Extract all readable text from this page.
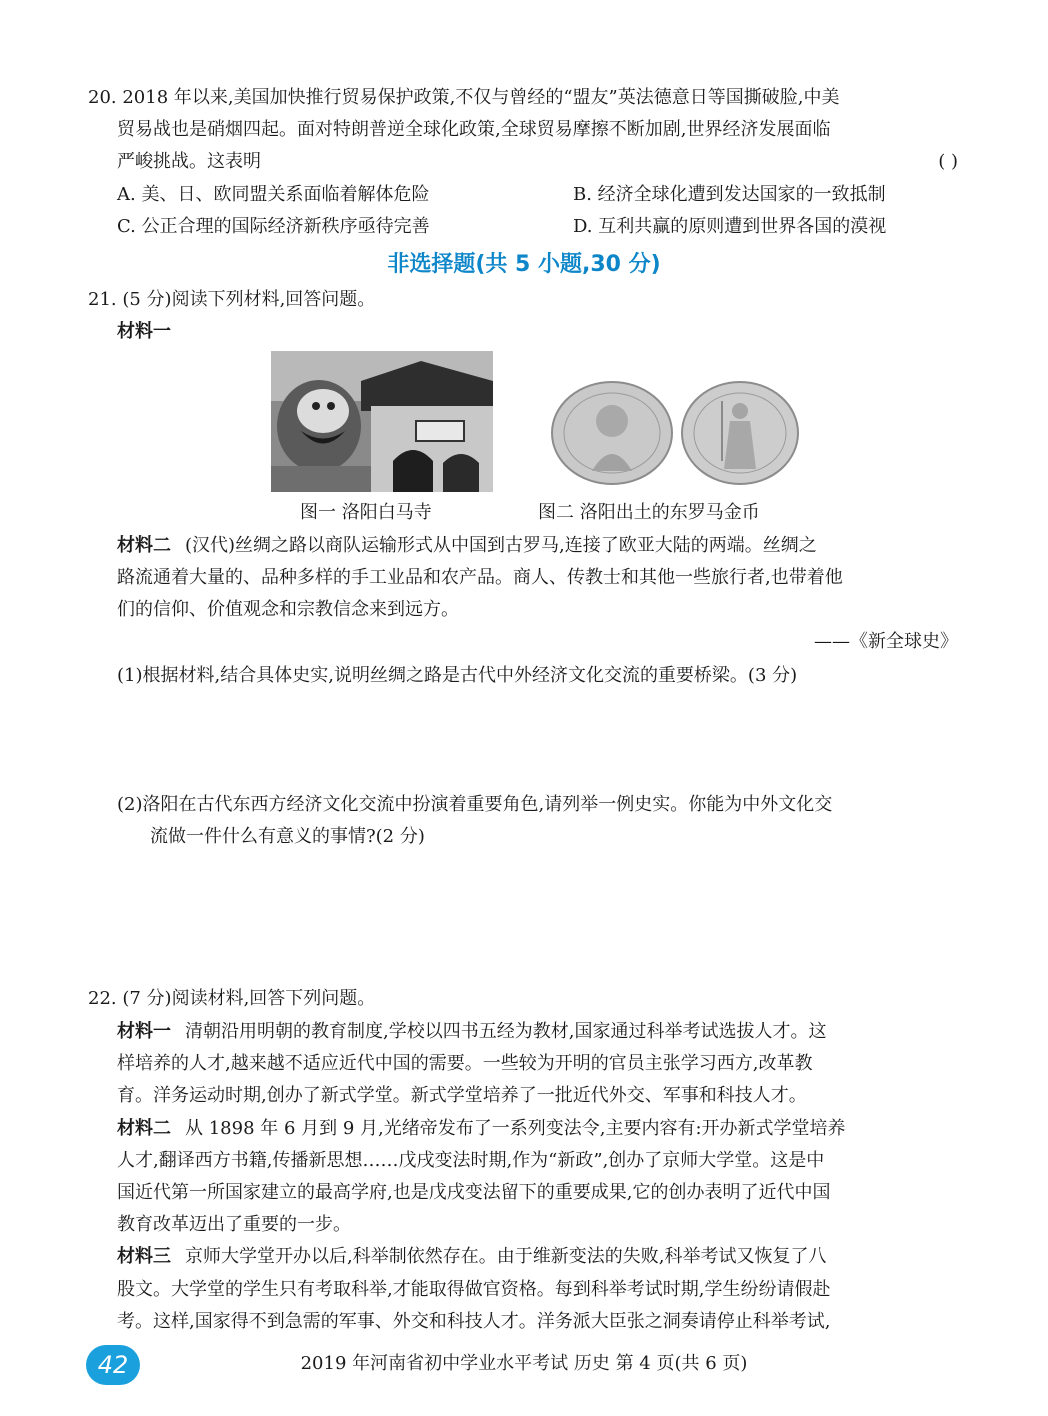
20. 2018 年以来,美国加快推行贸易保护政策,不仅与曾经的“盟友”英法德意日等国撕破脸,中美
贸易战也是硝烟四起。面对特朗普逆全球化政策,全球贸易摩擦不断加剧,世界经济发展面临
严峻挑战。这表明	( )
A. 美、日、欧同盟关系面临着解体危险	B. 经济全球化遭到发达国家的一致抵制
C. 公正合理的国际经济新秩序亟待完善	D. 互利共赢的原则遭到世界各国的漠视
非选择题(共 5 小题,30 分)
21. (5 分)阅读下列材料,回答问题。
材料一
图一 洛阳白马寺	图二 洛阳出土的东罗马金币
材料二 (汉代)丝绸之路以商队运输形式从中国到古罗马,连接了欧亚大陆的两端。丝绸之
路流通着大量的、品种多样的手工业品和农产品。商人、传教士和其他一些旅行者,也带着他
们的信仰、价值观念和宗教信念来到远方。
——《新全球史》
(1)根据材料,结合具体史实,说明丝绸之路是古代中外经济文化交流的重要桥梁。(3 分)
(2)洛阳在古代东西方经济文化交流中扮演着重要角色,请列举一例史实。你能为中外文化交
流做一件什么有意义的事情?(2 分)
22. (7 分)阅读材料,回答下列问题。
材料一 清朝沿用明朝的教育制度,学校以四书五经为教材,国家通过科举考试选拔人才。这
样培养的人才,越来越不适应近代中国的需要。一些较为开明的官员主张学习西方,改革教
育。洋务运动时期,创办了新式学堂。新式学堂培养了一批近代外交、军事和科技人才。
材料二 从 1898 年 6 月到 9 月,光绪帝发布了一系列变法令,主要内容有:开办新式学堂培养
人才,翻译西方书籍,传播新思想……戊戌变法时期,作为“新政”,创办了京师大学堂。这是中
国近代第一所国家建立的最高学府,也是戊戌变法留下的重要成果,它的创办表明了近代中国
教育改革迈出了重要的一步。
材料三 京师大学堂开办以后,科举制依然存在。由于维新变法的失败,科举考试又恢复了八
股文。大学堂的学生只有考取科举,才能取得做官资格。每到科举考试时期,学生纷纷请假赴
考。这样,国家得不到急需的军事、外交和科技人才。洋务派大臣张之洞奏请停止科举考试,
42	2019 年河南省初中学业水平考试 历史 第 4 页(共 6 页)
